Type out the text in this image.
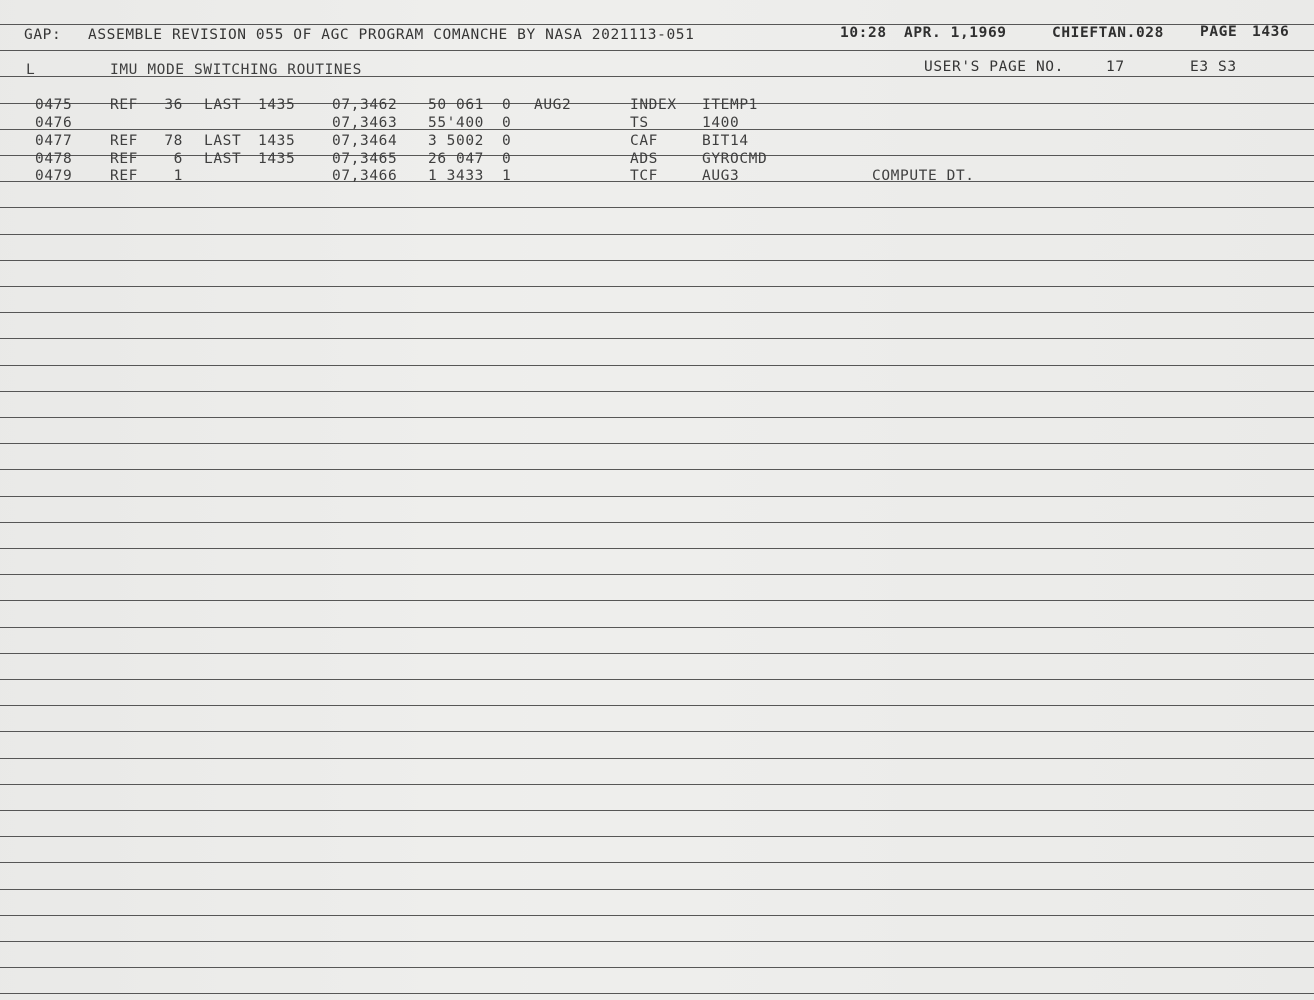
GAP: ASSEMBLE REVISION 055 OF AGC PROGRAM COMANCHE BY NASA 2021113-051	10:28 APR. 1,1969	CHIEFTAN.028 PAGE 1436
L	IMU MODE SWITCHING ROUTINES	USER'S PAGE NO.	17	E3 S3
0475	REF 36 LAST 1435	07,3462 50 061 0 AUG2	INDEX ITEMP1
0476	07,3463 55'400 0	TS	1400
0477	REF 78 LAST 1435	07,3464 3 5002 0	CAF	BIT14
0478	REF 6 LAST 1435	07,3465 26 047 0	ADS	GYROCMD
0479	REF 1	07,3466 1 3433 1	TCF	AUG3	COMPUTE DT.
